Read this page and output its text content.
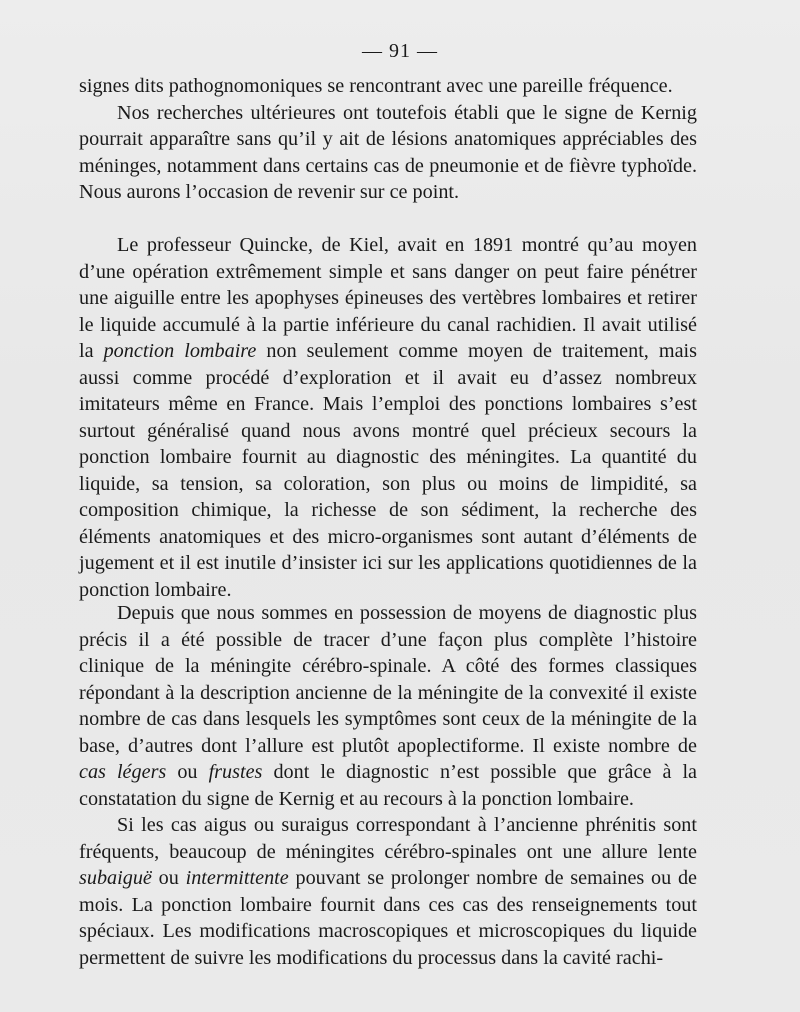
— 91 —

signes dits pathognomoniques se rencontrant avec une pareille fréquence.

Nos recherches ultérieures ont toutefois établi que le signe de Kernig pourrait apparaître sans qu’il y ait de lésions anatomiques appréciables des méninges, notamment dans certains cas de pneumonie et de fièvre typhoïde. Nous aurons l’occasion de revenir sur ce point.

Le professeur Quincke, de Kiel, avait en 1891 montré qu’au moyen d’une opération extrêmement simple et sans danger on peut faire pénétrer une aiguille entre les apophyses épineuses des vertèbres lombaires et retirer le liquide accumulé à la partie inférieure du canal rachidien. Il avait utilisé la ponction lombaire non seulement comme moyen de traitement, mais aussi comme procédé d’exploration et il avait eu d’assez nombreux imitateurs même en France. Mais l’emploi des ponctions lombaires s’est surtout généralisé quand nous avons montré quel précieux secours la ponction lombaire fournit au diagnostic des méningites. La quantité du liquide, sa tension, sa coloration, son plus ou moins de limpidité, sa composition chimique, la richesse de son sédiment, la recherche des éléments anatomiques et des micro-organismes sont autant d’éléments de jugement et il est inutile d’insister ici sur les applications quotidiennes de la ponction lombaire.

Depuis que nous sommes en possession de moyens de diagnostic plus précis il a été possible de tracer d’une façon plus complète l’histoire clinique de la méningite cérébro-spinale. A côté des formes classiques répondant à la description ancienne de la méningite de la convexité il existe nombre de cas dans lesquels les symptômes sont ceux de la méningite de la base, d’autres dont l’allure est plutôt apoplectiforme. Il existe nombre de cas légers ou frustes dont le diagnostic n’est possible que grâce à la constatation du signe de Kernig et au recours à la ponction lombaire.

Si les cas aigus ou suraigus correspondant à l’ancienne phrénitis sont fréquents, beaucoup de méningites cérébro-spinales ont une allure lente subaiguë ou intermittente pouvant se prolonger nombre de semaines ou de mois. La ponction lombaire fournit dans ces cas des renseignements tout spéciaux. Les modifications macroscopiques et microscopiques du liquide permettent de suivre les modifications du processus dans la cavité rachi-
